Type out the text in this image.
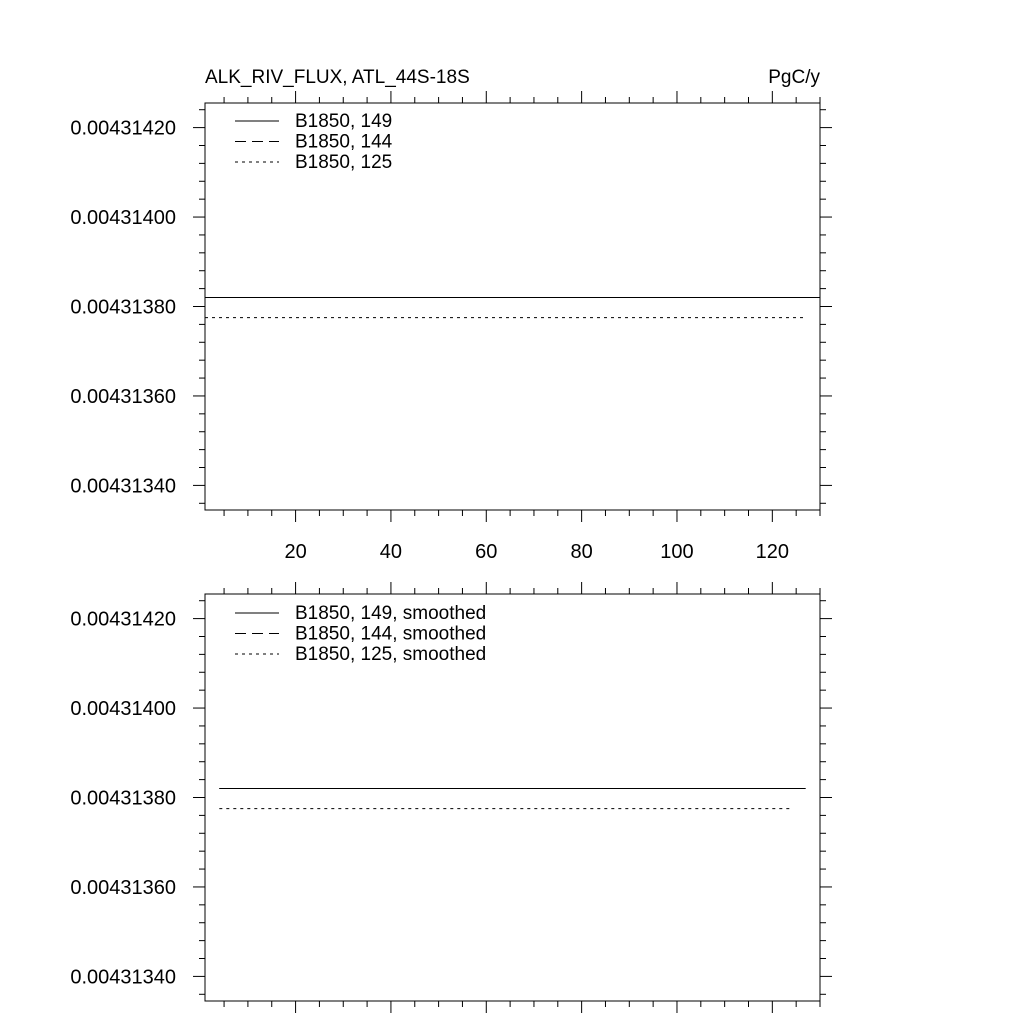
ALK_RIV_FLUX, ATL_44S-18S	PgC/y
0.00431340
0.00431360
0.00431380
0.00431400
0.00431420
20	40	60	80	100	120
B1850, 149
B1850, 144
B1850, 125
0.00431340
0.00431360
0.00431380
0.00431400
0.00431420	B1850, 149, smoothed
B1850, 144, smoothed
B1850, 125, smoothed
